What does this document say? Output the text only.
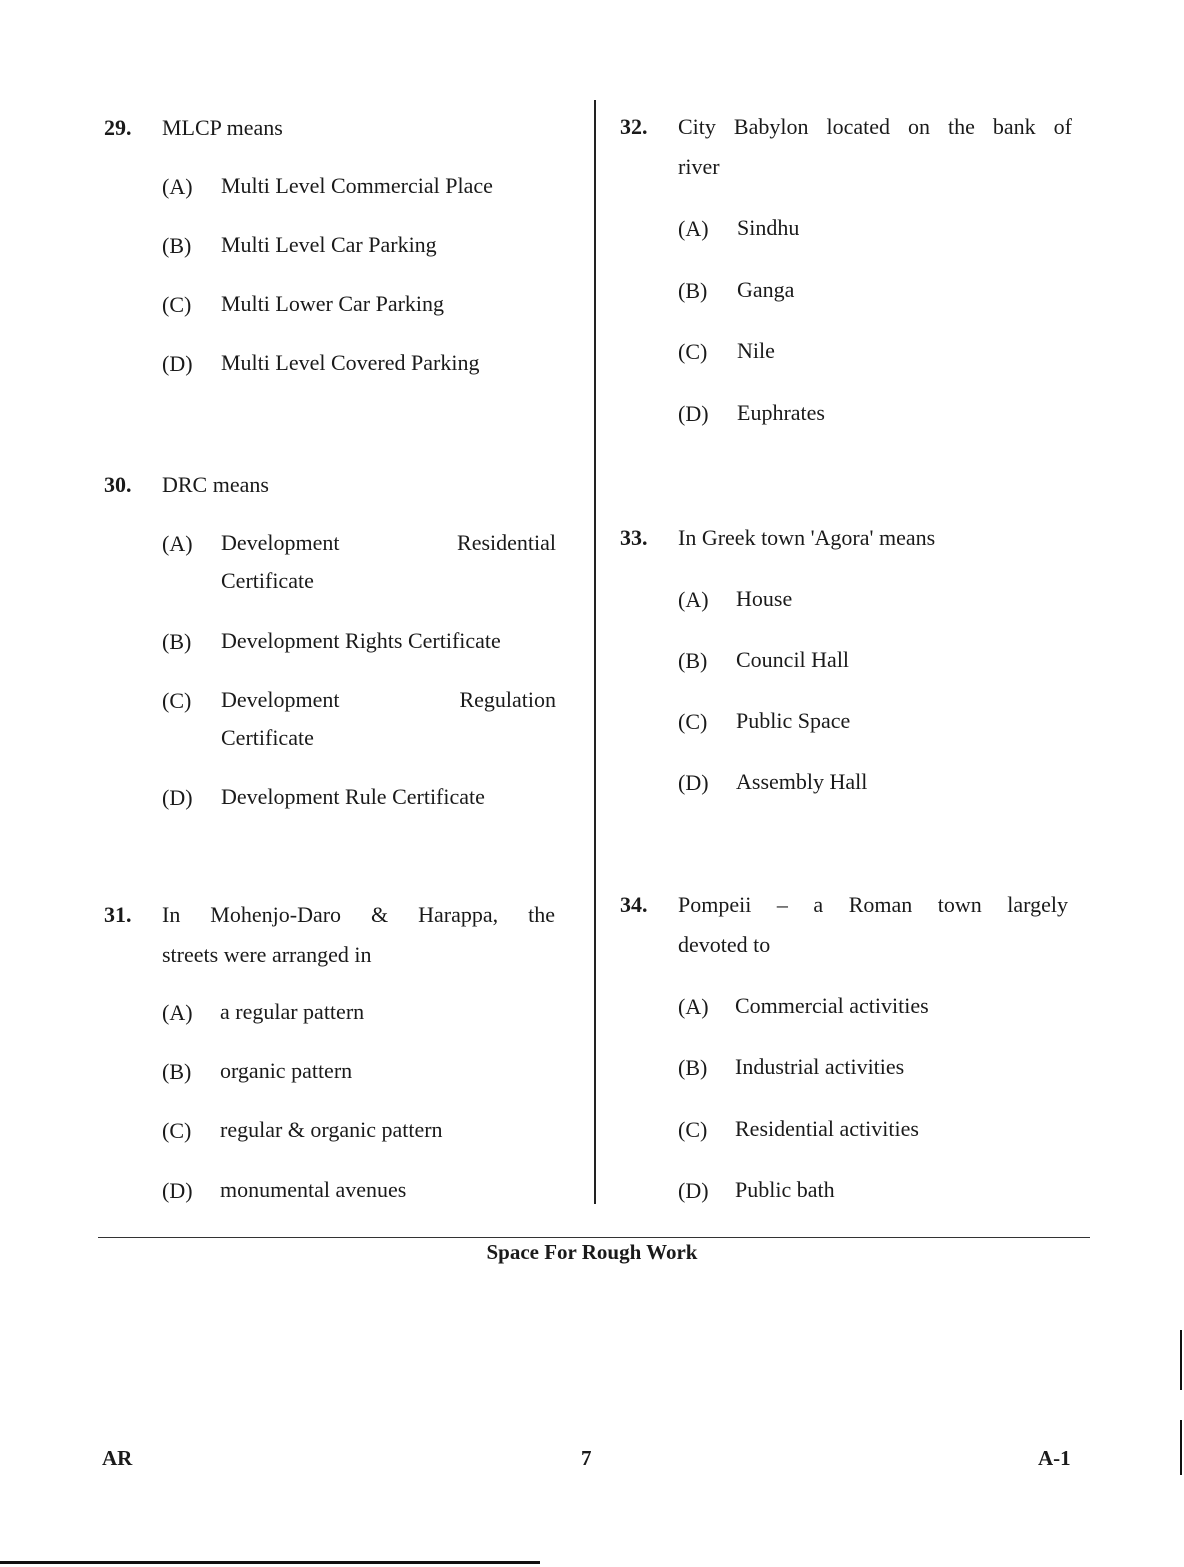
29. MLCP means
(A) Multi Level Commercial Place
(B) Multi Level Car Parking
(C) Multi Lower Car Parking
(D) Multi Level Covered Parking
30. DRC means
(A) Development Residential
Certificate
(B) Development Rights Certificate
(C) Development Regulation
Certificate
(D) Development Rule Certificate
31. In Mohenjo-Daro & Harappa, the
streets were arranged in
(A) a regular pattern
(B) organic pattern
(C) regular & organic pattern
(D) monumental avenues
32. City Babylon located on the bank of
river
(A) Sindhu
(B) Ganga
(C) Nile
(D) Euphrates
33. In Greek town 'Agora' means
(A) House
(B) Council Hall
(C) Public Space
(D) Assembly Hall
34. Pompeii – a Roman town largely
devoted to
(A) Commercial activities
(B) Industrial activities
(C) Residential activities
(D) Public bath
Space For Rough Work
AR	7	A-1
